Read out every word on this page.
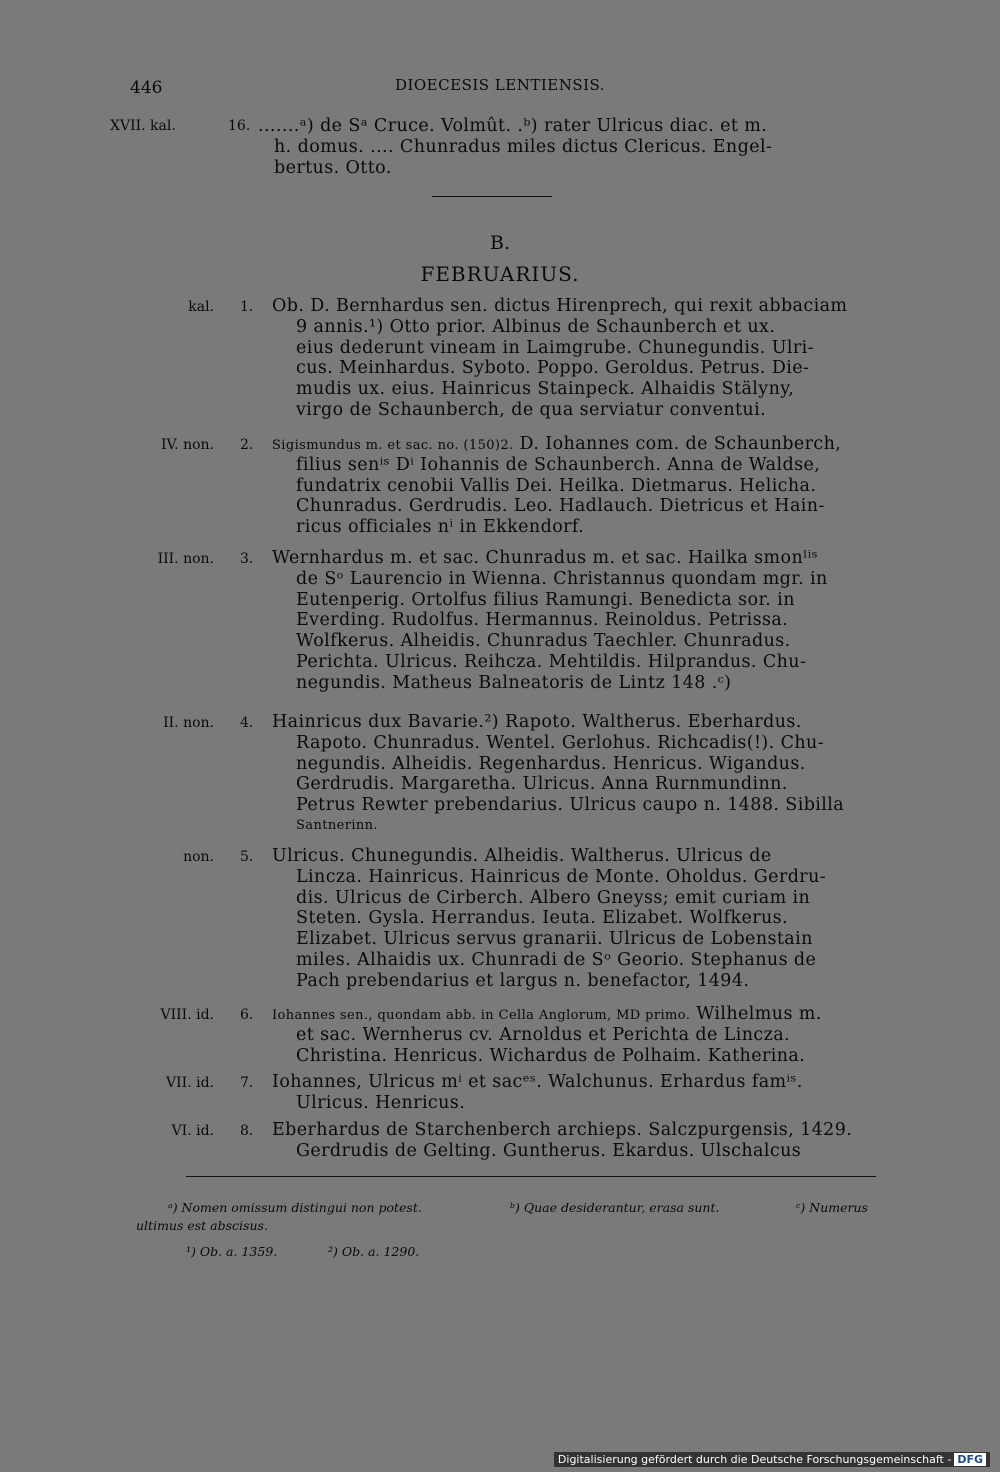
446	DIOECESIS LENTIENSIS.
XVII. kal.	16. .......ᵃ) de Sᵃ Cruce. Volmût. .ᵇ) rater Ulricus diac. et m.
h. domus. .... Chunradus miles dictus Clericus. Engel-
bertus. Otto.
B.
FEBRUARIUS.
kal. 1. Ob. D. Bernhardus sen. dictus Hirenprech, qui rexit abbaciam
9 annis.¹) Otto prior. Albinus de Schaunberch et ux.
eius dederunt vineam in Laimgrube. Chunegundis. Ulri-
cus. Meinhardus. Syboto. Poppo. Geroldus. Petrus. Die-
mudis ux. eius. Hainricus Stainpeck. Alhaidis Stälyny,
virgo de Schaunberch, de qua serviatur conventui.
IV. non. 2. Sigismundus m. et sac. no. (150)2. D. Iohannes com. de Schaunberch,
filius senⁱˢ Dⁱ Iohannis de Schaunberch. Anna de Waldse,
fundatrix cenobii Vallis Dei. Heilka. Dietmarus. Helicha.
Chunradus. Gerdrudis. Leo. Hadlauch. Dietricus et Hain-
ricus officiales nⁱ in Ekkendorf.
III. non. 3. Wernhardus m. et sac. Chunradus m. et sac. Hailka smonˡⁱˢ
de Sᵒ Laurencio in Wienna. Christannus quondam mgr. in
Eutenperig. Ortolfus filius Ramungi. Benedicta sor. in
Everding. Rudolfus. Hermannus. Reinoldus. Petrissa.
Wolfkerus. Alheidis. Chunradus Taechler. Chunradus.
Perichta. Ulricus. Reihcza. Mehtildis. Hilprandus. Chu-
negundis. Matheus Balneatoris de Lintz 148 .ᶜ)
II. non. 4. Hainricus dux Bavarie.²) Rapoto. Waltherus. Eberhardus.
Rapoto. Chunradus. Wentel. Gerlohus. Richcadis(!). Chu-
negundis. Alheidis. Regenhardus. Henricus. Wigandus.
Gerdrudis. Margaretha. Ulricus. Anna Rurnmundinn.
Petrus Rewter prebendarius. Ulricus caupo n. 1488. Sibilla
Santnerinn.
non. 5. Ulricus. Chunegundis. Alheidis. Waltherus. Ulricus de
Lincza. Hainricus. Hainricus de Monte. Oholdus. Gerdru-
dis. Ulricus de Cirberch. Albero Gneyss; emit curiam in
Steten. Gysla. Herrandus. Ieuta. Elizabet. Wolfkerus.
Elizabet. Ulricus servus granarii. Ulricus de Lobenstain
miles. Alhaidis ux. Chunradi de Sᵒ Georio. Stephanus de
Pach prebendarius et largus n. benefactor, 1494.
VIII. id. 6. Iohannes sen., quondam abb. in Cella Anglorum, MD primo. Wilhelmus m.
et sac. Wernherus cv. Arnoldus et Perichta de Lincza.
Christina. Henricus. Wichardus de Polhaim. Katherina.
VII. id. 7. Iohannes, Ulricus mⁱ et sacᵉˢ. Walchunus. Erhardus famⁱˢ.
Ulricus. Henricus.
VI. id. 8. Eberhardus de Starchenberch archieps. Salczpurgensis, 1429.
Gerdrudis de Gelting. Guntherus. Ekardus. Ulschalcus
ᵃ) Nomen omissum distingui non potest.	ᵇ) Quae desiderantur, erasa sunt.	ᶜ) Numerus
ultimus est abscisus.
¹) Ob. a. 1359.	²) Ob. a. 1290.
Digitalisierung gefördert durch die Deutsche Forschungsgemeinschaft - DFG
